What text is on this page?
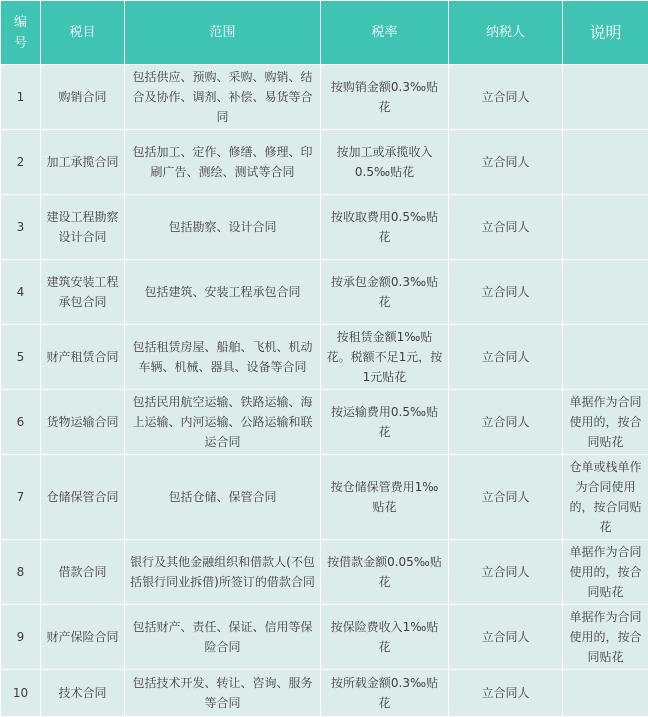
编号	税目	范围	税率	纳税人	说明
1	购销合同	包括供应、预购、采购、购销、结合及协作、调剂、补偿、易货等合同	按购销金额0.3‰贴花	立合同人	
2	加工承揽合同	包括加工、定作、修缮、修理、印刷广告、测绘、测试等合同	按加工或承揽收入0.5‰贴花	立合同人	
3	建设工程勘察设计合同	包括勘察、设计合同	按收取费用0.5‰贴花	立合同人	
4	建筑安装工程承包合同	包括建筑、安装工程承包合同	按承包金额0.3‰贴花	立合同人	
5	财产租赁合同	包括租赁房屋、船舶、飞机、机动车辆、机械、器具、设备等合同	按租赁金额1‰贴花。税额不足1元，按1元贴花	立合同人	
6	货物运输合同	包括民用航空运输、铁路运输、海上运输、内河运输、公路运输和联运合同	按运输费用0.5‰贴花	立合同人	单据作为合同使用的，按合同贴花
7	仓储保管合同	包括仓储、保管合同	按仓储保管费用1‰贴花	立合同人	仓单或栈单作为合同使用的，按合同贴花
8	借款合同	银行及其他金融组织和借款人(不包括银行同业拆借)所签订的借款合同	按借款金额0.05‰贴花	立合同人	单据作为合同使用的，按合同贴花
9	财产保险合同	包括财产、责任、保证、信用等保险合同	按保险费收入1‰贴花	立合同人	单据作为合同使用的，按合同贴花
10	技术合同	包括技术开发、转让、咨询、服务等合同	按所载金额0.3‰贴花	立合同人	
